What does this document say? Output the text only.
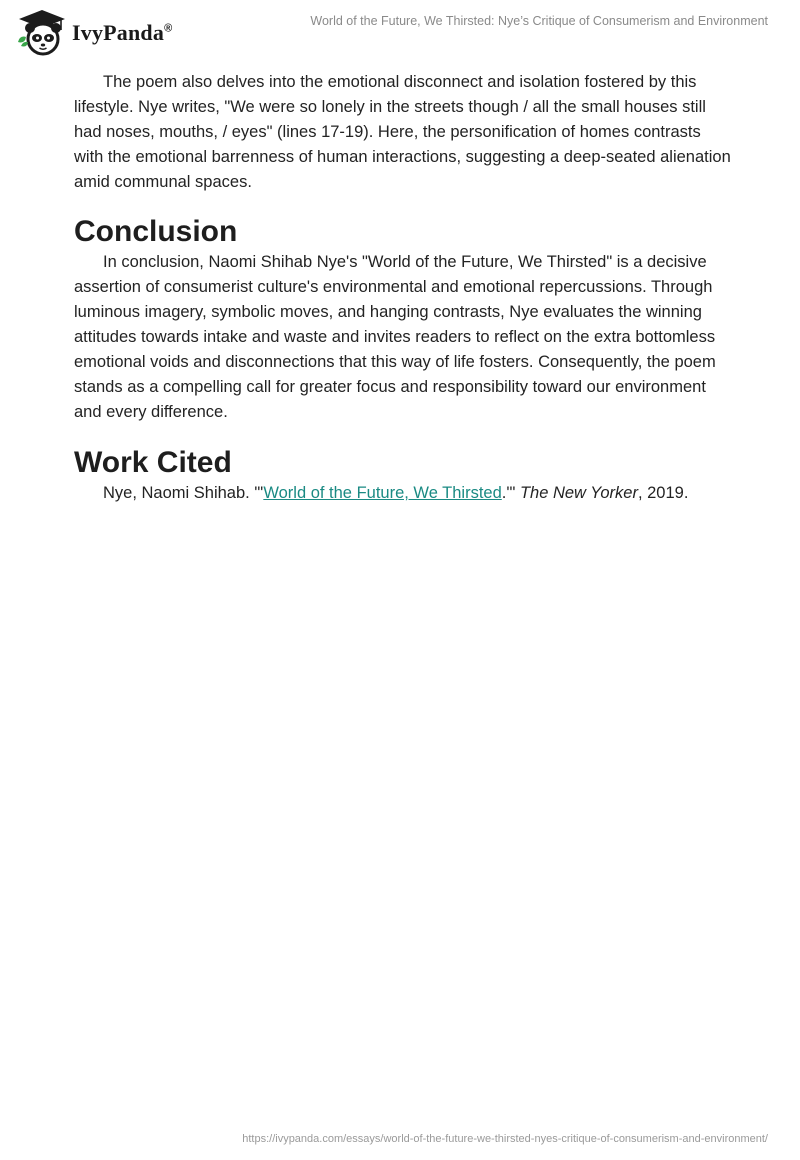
IvyPanda®
World of the Future, We Thirsted: Nye’s Critique of Consumerism and Environment

The poem also delves into the emotional disconnect and isolation fostered by this lifestyle. Nye writes, "We were so lonely in the streets though / all the small houses still had noses, mouths, / eyes" (lines 17-19). Here, the personification of homes contrasts with the emotional barrenness of human interactions, suggesting a deep-seated alienation amid communal spaces.

Conclusion

In conclusion, Naomi Shihab Nye's "World of the Future, We Thirsted" is a decisive assertion of consumerist culture's environmental and emotional repercussions. Through luminous imagery, symbolic moves, and hanging contrasts, Nye evaluates the winning attitudes towards intake and waste and invites readers to reflect on the extra bottomless emotional voids and disconnections that this way of life fosters. Consequently, the poem stands as a compelling call for greater focus and responsibility toward our environment and every difference.

Work Cited

Nye, Naomi Shihab. "'World of the Future, We Thirsted.'" The New Yorker, 2019.

https://ivypanda.com/essays/world-of-the-future-we-thirsted-nyes-critique-of-consumerism-and-environment/
